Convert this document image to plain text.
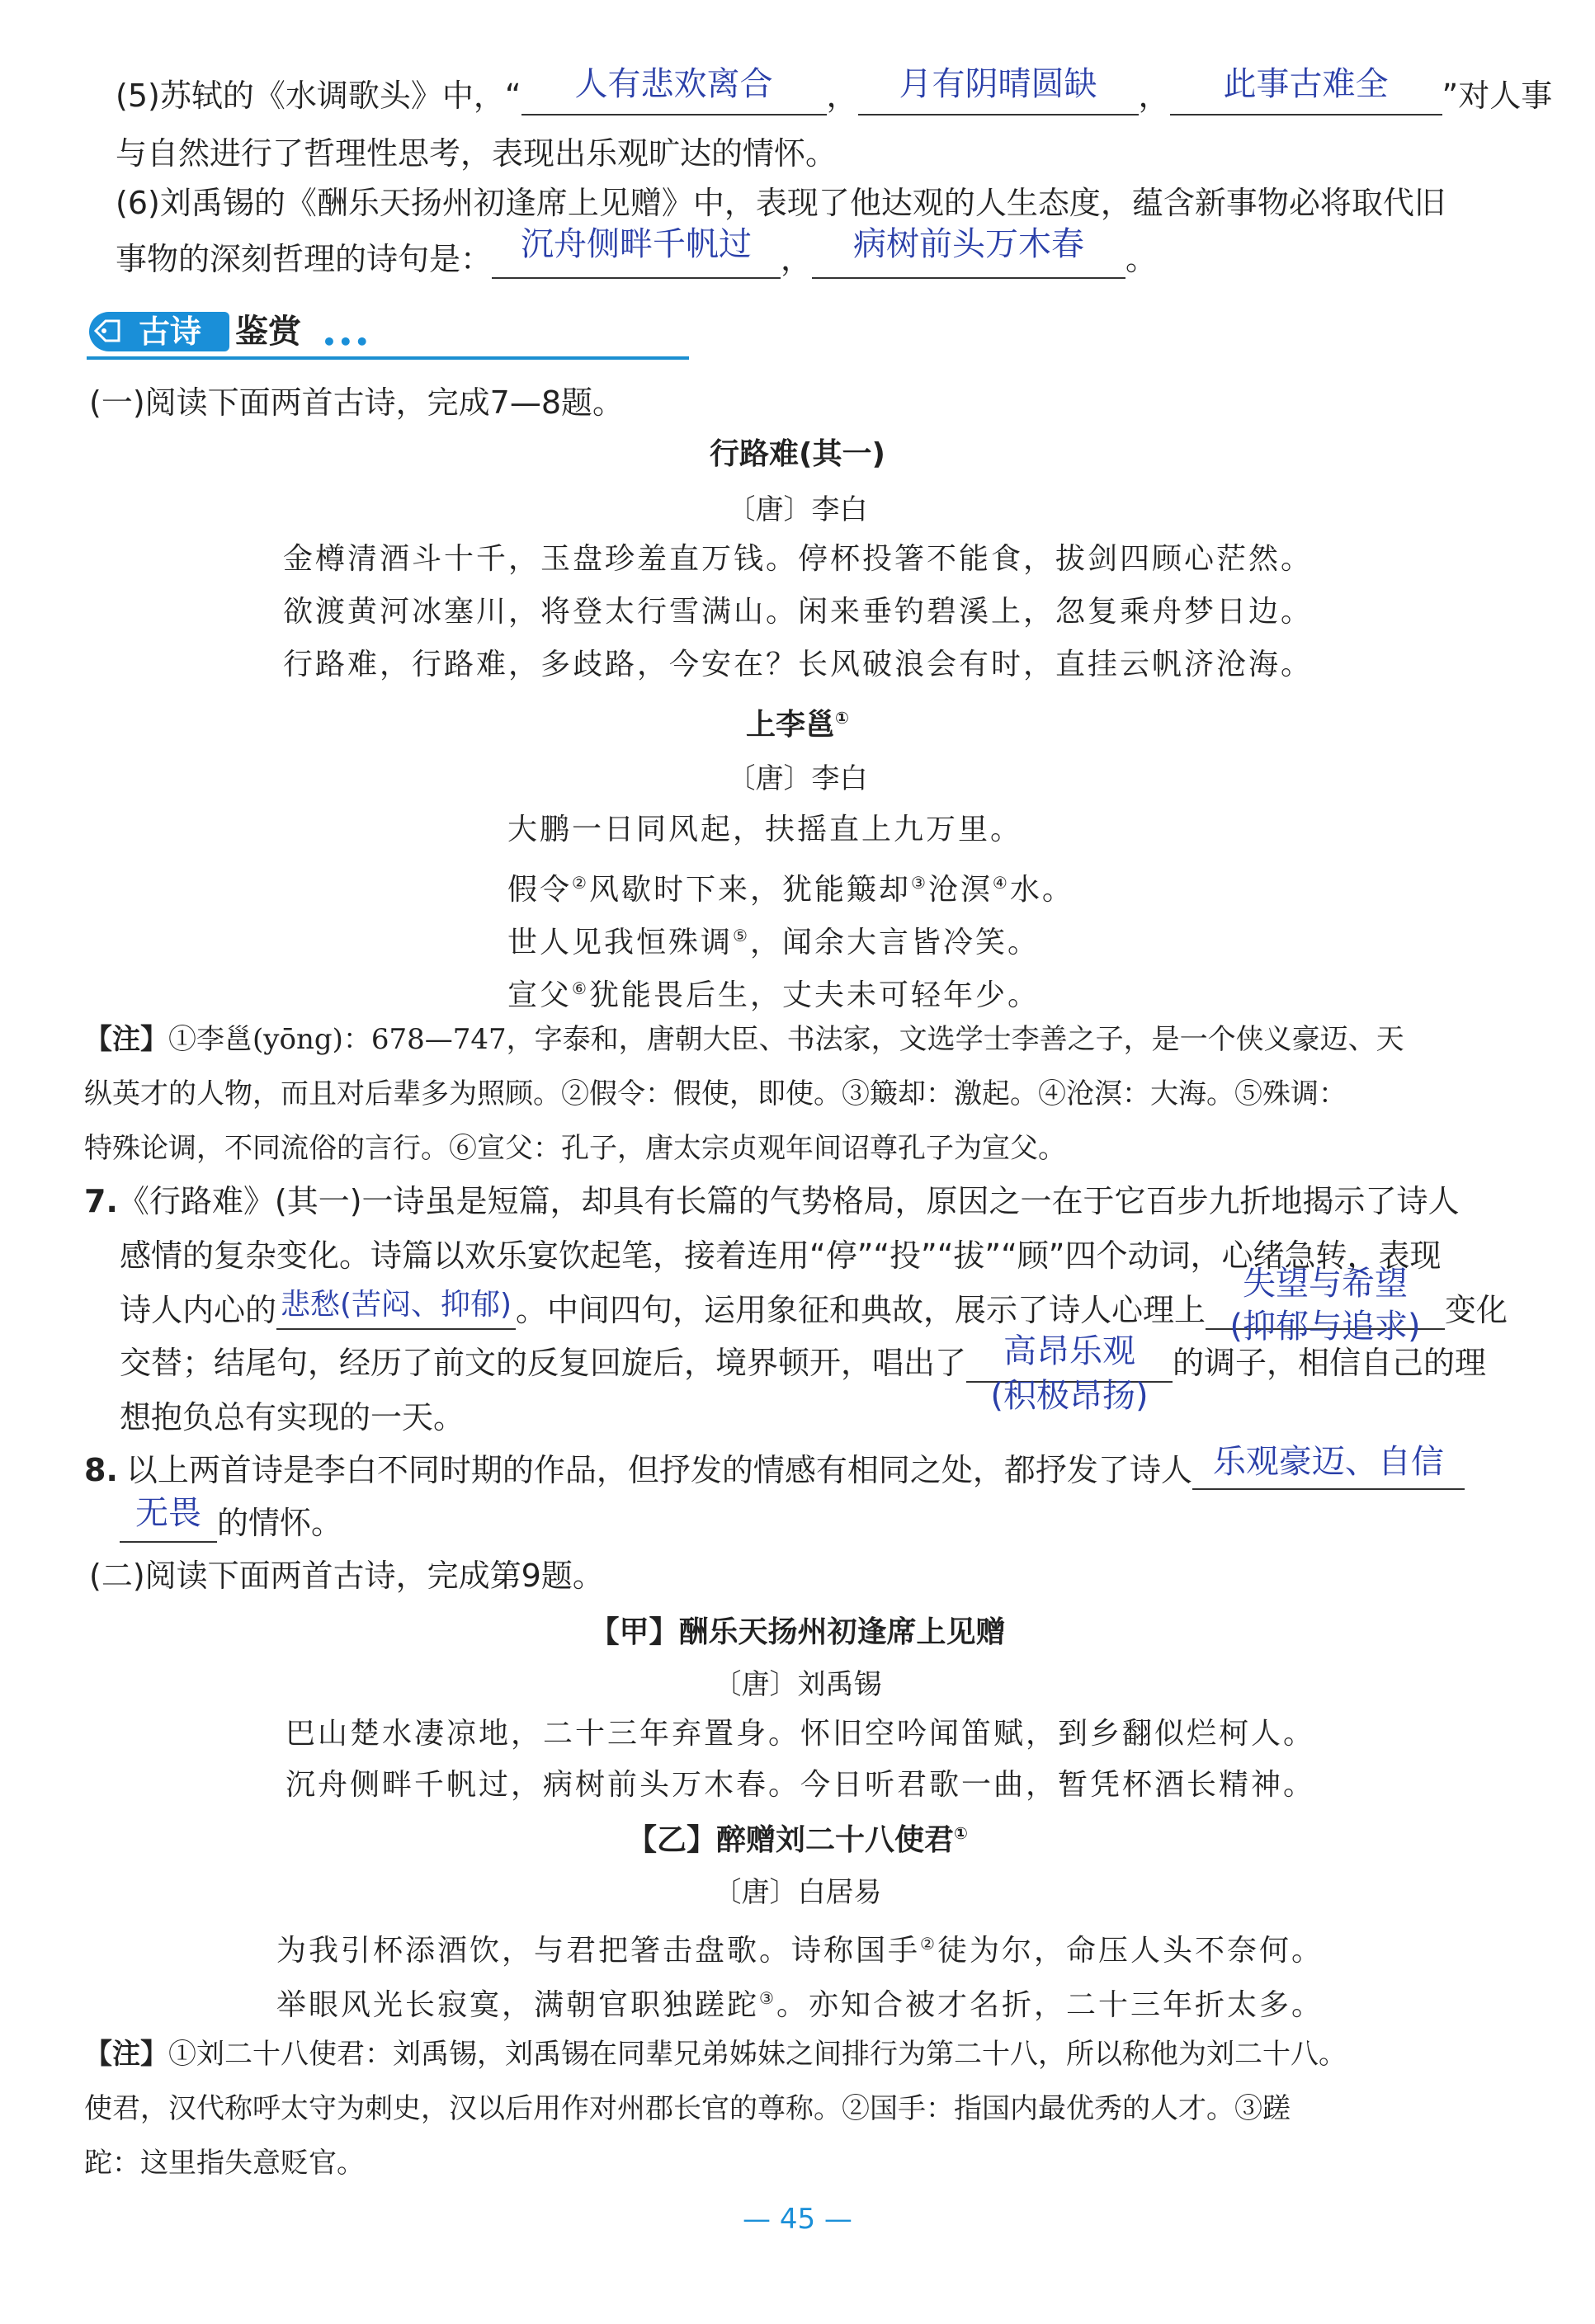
(5)苏轼的《水调歌头》中，“	人有悲欢离合	，	月有阴晴圆缺	，	此事古难全	”对人事
与自然进行了哲理性思考，表现出乐观旷达的情怀。
(6)刘禹锡的《酬乐天扬州初逢席上见赠》中，表现了他达观的人生态度，蕴含新事物必将取代旧
事物的深刻哲理的诗句是： 沉舟侧畔千帆过 ，	病树前头万木春	。
古诗 鉴赏 •••
(一)阅读下面两首古诗，完成7—8题。
行路难(其一)
〔唐〕李白
金樽清酒斗十千，玉盘珍羞直万钱。停杯投箸不能食，拔剑四顾心茫然。
欲渡黄河冰塞川，将登太行雪满山。闲来垂钓碧溪上，忽复乘舟梦日边。
行路难，行路难，多歧路，今安在？长风破浪会有时，直挂云帆济沧海。
上李邕①
〔唐〕李白
大鹏一日同风起，扶摇直上九万里。
假令②风歇时下来，犹能簸却③沧溟④水。
世人见我恒殊调⑤，闻余大言皆冷笑。
宣父⑥犹能畏后生，丈夫未可轻年少。
【注】①李邕(yōng)：678—747，字泰和，唐朝大臣、书法家，文选学士李善之子，是一个侠义豪迈、天
纵英才的人物，而且对后辈多为照顾。②假令：假使，即使。③簸却：激起。④沧溟：大海。⑤殊调：
特殊论调，不同流俗的言行。⑥宣父：孔子，唐太宗贞观年间诏尊孔子为宣父。
7.《行路难》(其一)一诗虽是短篇，却具有长篇的气势格局，原因之一在于它百步九折地揭示了诗人
感情的复杂变化。诗篇以欢乐宴饮起笔，接着连用“停”“投”“拔”“顾”四个动词，心绪急转，表现
诗人内心的 悲愁(苦闷、抑郁) 。中间四句，运用象征和典故，展示了诗人心理上
失望与希望
(抑郁与追求) 变化
交替；结尾句，经历了前文的反复回旋后，境界顿开，唱出了	高昂乐观
(积极昂扬)
的调子，相信自己的理
想抱负总有实现的一天。
8. 以上两首诗是李白不同时期的作品，但抒发的情感有相同之处，都抒发了诗人 乐观豪迈、自信
无畏 的情怀。
(二)阅读下面两首古诗，完成第9题。
【甲】酬乐天扬州初逢席上见赠
〔唐〕刘禹锡
巴山楚水凄凉地，二十三年弃置身。怀旧空吟闻笛赋，到乡翻似烂柯人。
沉舟侧畔千帆过，病树前头万木春。今日听君歌一曲，暂凭杯酒长精神。
【乙】醉赠刘二十八使君①
〔唐〕白居易
为我引杯添酒饮，与君把箸击盘歌。诗称国手②徒为尔，命压人头不奈何。
举眼风光长寂寞，满朝官职独蹉跎③。亦知合被才名折，二十三年折太多。
【注】①刘二十八使君：刘禹锡，刘禹锡在同辈兄弟姊妹之间排行为第二十八，所以称他为刘二十八。
使君，汉代称呼太守为刺史，汉以后用作对州郡长官的尊称。②国手：指国内最优秀的人才。③蹉
跎：这里指失意贬官。
— 45 —
